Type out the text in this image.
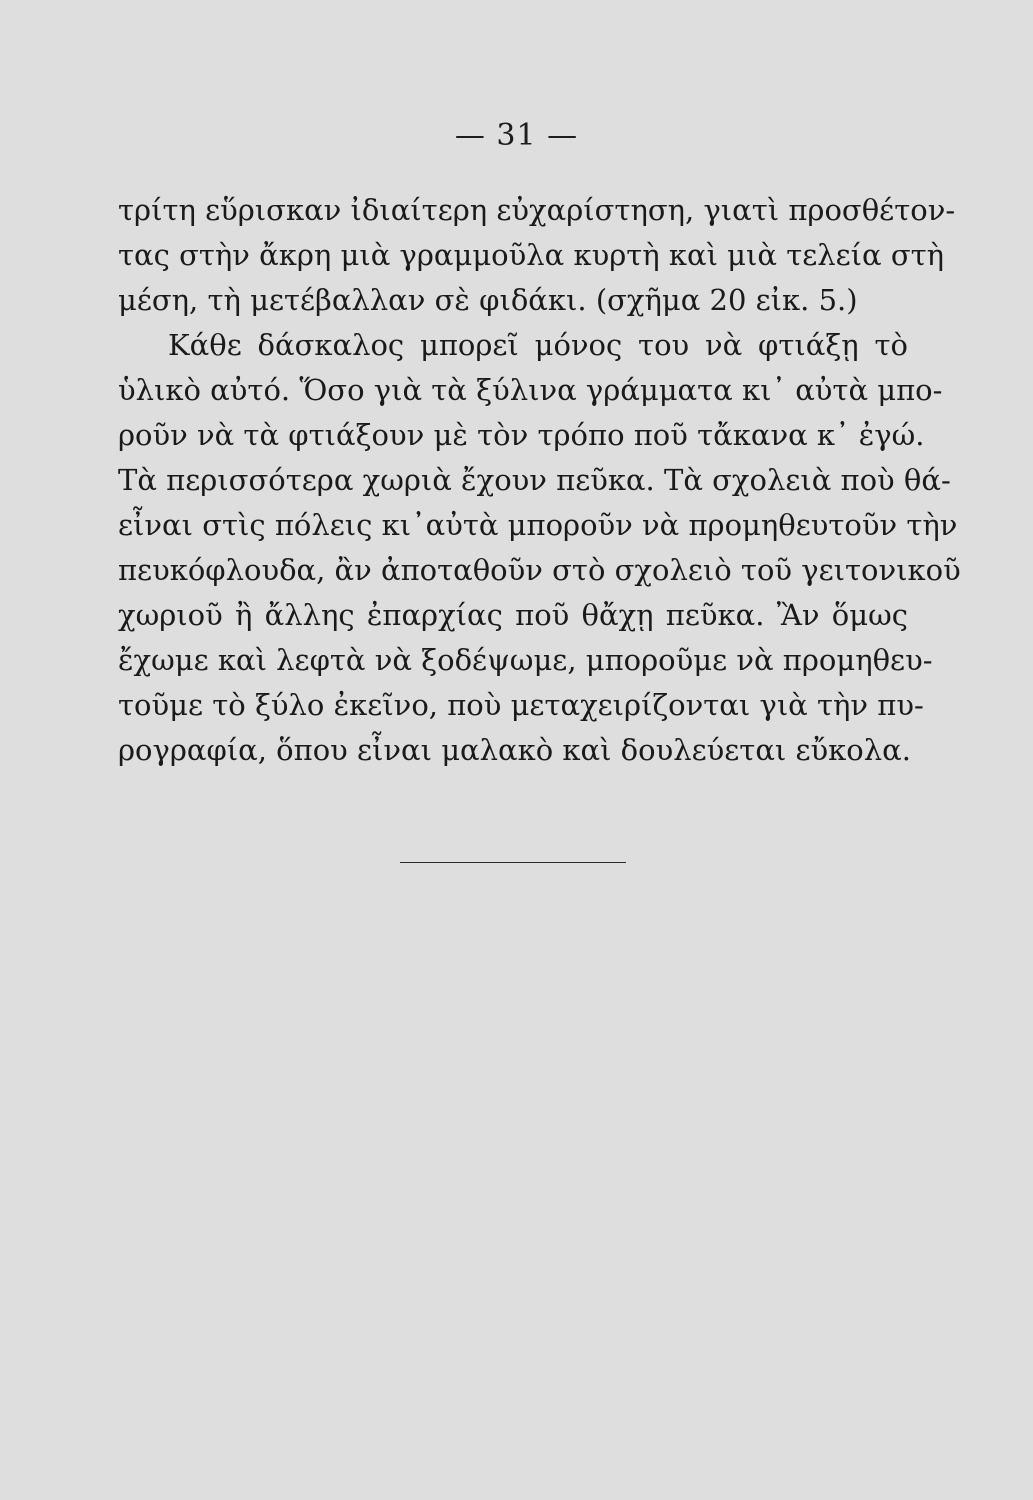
— 31 —
τρίτη εὕρισκαν ἰδιαίτερη εὐχαρίστηση, γιατὶ προσθέτον-
τας στὴν ἄκρη μιὰ γραμμοῦλα κυρτὴ καὶ μιὰ τελεία στὴ
μέση, τὴ μετέβαλλαν σὲ φιδάκι. (σχῆμα 20 εἰκ. 5.)
Κάθε δάσκαλος μπορεῖ μόνος του νὰ φτιάξῃ τὸ
ὑλικὸ αὐτό. Ὅσο γιὰ τὰ ξύλινα γράμματα κι᾿ αὐτὰ μπο-
ροῦν νὰ τὰ φτιάξουν μὲ τὸν τρόπο ποῦ τἄκανα κ᾿ ἐγώ.
Τὰ περισσότερα χωριὰ ἔχουν πεῦκα. Τὰ σχολειὰ ποὺ θά-
εἶναι στὶς πόλεις κι᾿αὐτὰ μποροῦν νὰ προμηθευτοῦν τὴν
πευκόφλουδα, ἂν ἀποταθοῦν στὸ σχολειὸ τοῦ γειτονικοῦ
χωριοῦ ἢ ἄλλης ἐπαρχίας ποῦ θἄχῃ πεῦκα. Ἂν ὅμως
ἔχωμε καὶ λεφτὰ νὰ ξοδέψωμε, μποροῦμε νὰ προμηθευ-
τοῦμε τὸ ξύλο ἐκεῖνο, ποὺ μεταχειρίζονται γιὰ τὴν πυ-
ρογραφία, ὅπου εἶναι μαλακὸ καὶ δουλεύεται εὔκολα.
